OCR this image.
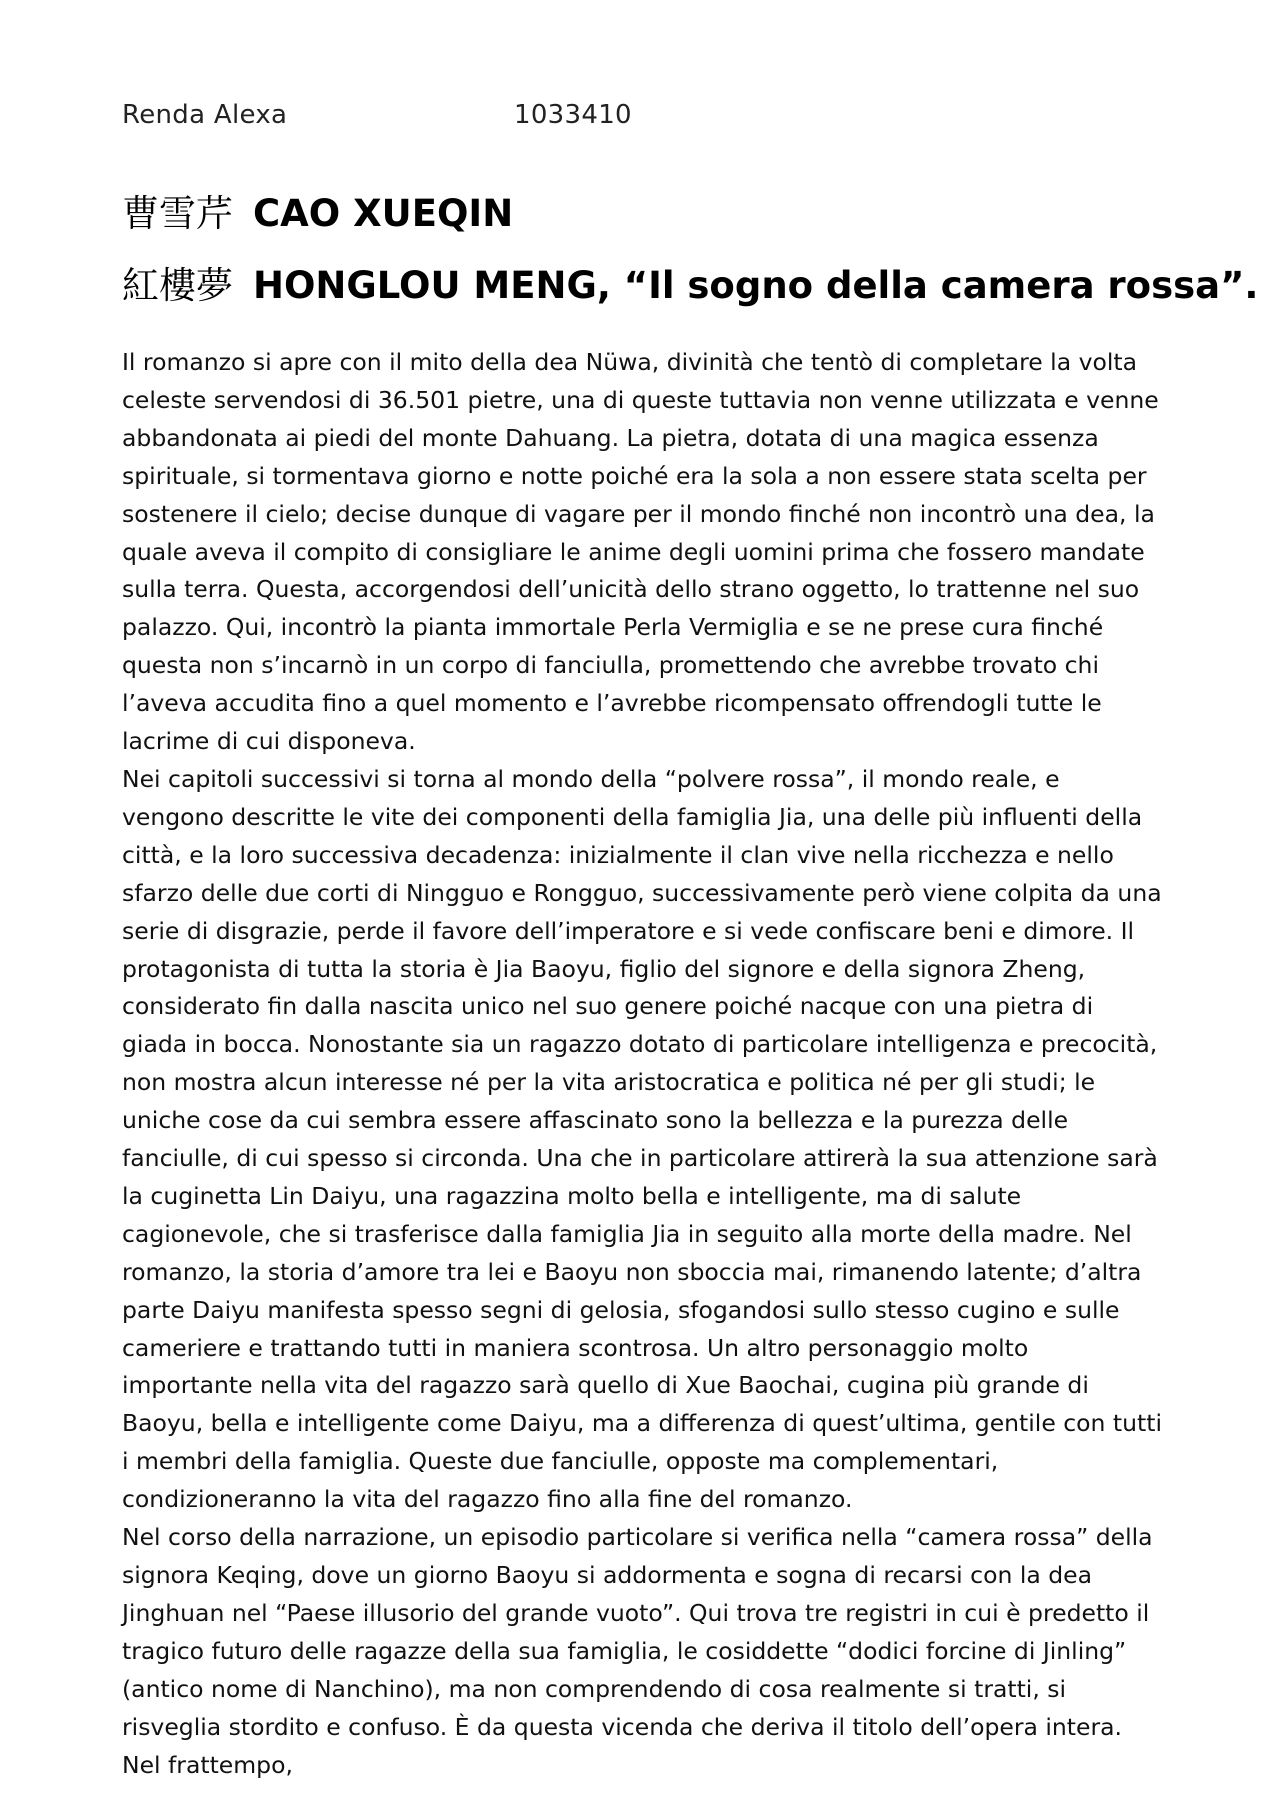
Renda Alexa	1033410
曹雪芹 CAO XUEQIN
紅樓夢 HONGLOU MENG, “Il sogno della camera rossa”.

Il romanzo si apre con il mito della dea Nüwa, divinità che tentò di completare la volta celeste servendosi di 36.501 pietre, una di queste tuttavia non venne utilizzata e venne abbandonata ai piedi del monte Dahuang. La pietra, dotata di una magica essenza spirituale, si tormentava giorno e notte poiché era la sola a non essere stata scelta per sostenere il cielo; decise dunque di vagare per il mondo finché non incontrò una dea, la quale aveva il compito di consigliare le anime degli uomini prima che fossero mandate sulla terra. Questa, accorgendosi dell’unicità dello strano oggetto, lo trattenne nel suo palazzo. Qui, incontrò la pianta immortale Perla Vermiglia e se ne prese cura finché questa non s’incarnò in un corpo di fanciulla, promettendo che avrebbe trovato chi l’aveva accudita fino a quel momento e l’avrebbe ricompensato offrendogli tutte le lacrime di cui disponeva.

Nei capitoli successivi si torna al mondo della “polvere rossa”, il mondo reale, e vengono descritte le vite dei componenti della famiglia Jia, una delle più influenti della città, e la loro successiva decadenza: inizialmente il clan vive nella ricchezza e nello sfarzo delle due corti di Ningguo e Rongguo, successivamente però viene colpita da una serie di disgrazie, perde il favore dell’imperatore e si vede confiscare beni e dimore. Il protagonista di tutta la storia è Jia Baoyu, figlio del signore e della signora Zheng, considerato fin dalla nascita unico nel suo genere poiché nacque con una pietra di giada in bocca. Nonostante sia un ragazzo dotato di particolare intelligenza e precocità, non mostra alcun interesse né per la vita aristocratica e politica né per gli studi; le uniche cose da cui sembra essere affascinato sono la bellezza e la purezza delle fanciulle, di cui spesso si circonda. Una che in particolare attirerà la sua attenzione sarà la cuginetta Lin Daiyu, una ragazzina molto bella e intelligente, ma di salute cagionevole, che si trasferisce dalla famiglia Jia in seguito alla morte della madre. Nel romanzo, la storia d’amore tra lei e Baoyu non sboccia mai, rimanendo latente; d’altra parte Daiyu manifesta spesso segni di gelosia, sfogandosi sullo stesso cugino e sulle cameriere e trattando tutti in maniera scontrosa. Un altro personaggio molto importante nella vita del ragazzo sarà quello di Xue Baochai, cugina più grande di Baoyu, bella e intelligente come Daiyu, ma a differenza di quest’ultima, gentile con tutti i membri della famiglia. Queste due fanciulle, opposte ma complementari, condizioneranno la vita del ragazzo fino alla fine del romanzo.

Nel corso della narrazione, un episodio particolare si verifica nella “camera rossa” della signora Keqing, dove un giorno Baoyu si addormenta e sogna di recarsi con la dea Jinghuan nel “Paese illusorio del grande vuoto”. Qui trova tre registri in cui è predetto il tragico futuro delle ragazze della sua famiglia, le cosiddette “dodici forcine di Jinling” (antico nome di Nanchino), ma non comprendendo di cosa realmente si tratti, si risveglia stordito e confuso. È da questa vicenda che deriva il titolo dell’opera intera. Nel frattempo,
